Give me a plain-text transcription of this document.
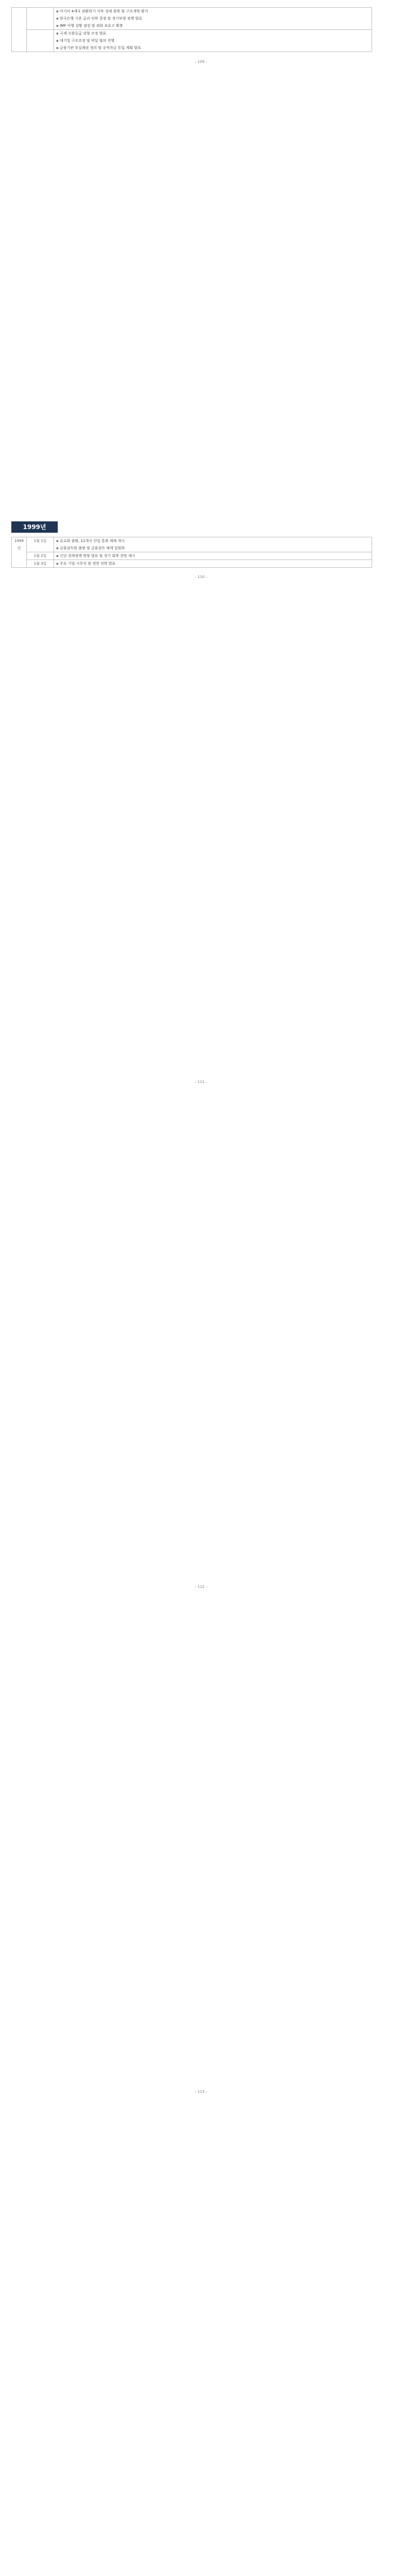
		▪ 아시아 4개국 외환위기 이후 경제 회복 및 구조개혁 평가
▪ 한국은행 기준 금리 인하 결정 및 경기부양 정책 발표
▪ IMF 이행 상황 점검 및 외화 보유고 확충

		▪ 국제 신용등급 상향 조정 발표
▪ 대기업 구조조정 및 빅딜 협의 진행
▪ 금융기관 부실채권 정리 및 공적자금 투입 계획 발표
– 109 –
1999년
1999년	1월 1일	▪ 유로화 출범, 11개국 단일 통화 체제 개시
▪ 금융감독원 출범 및 금융감독 체계 일원화

	1월 2일	▪ 신년 경제정책 방향 발표 및 경기 회복 전망 제시

	1월 3일	▪ 주요 기업 시무식 및 경영 전략 발표
– 110 –
– 111 –
– 112 –
– 113 –
